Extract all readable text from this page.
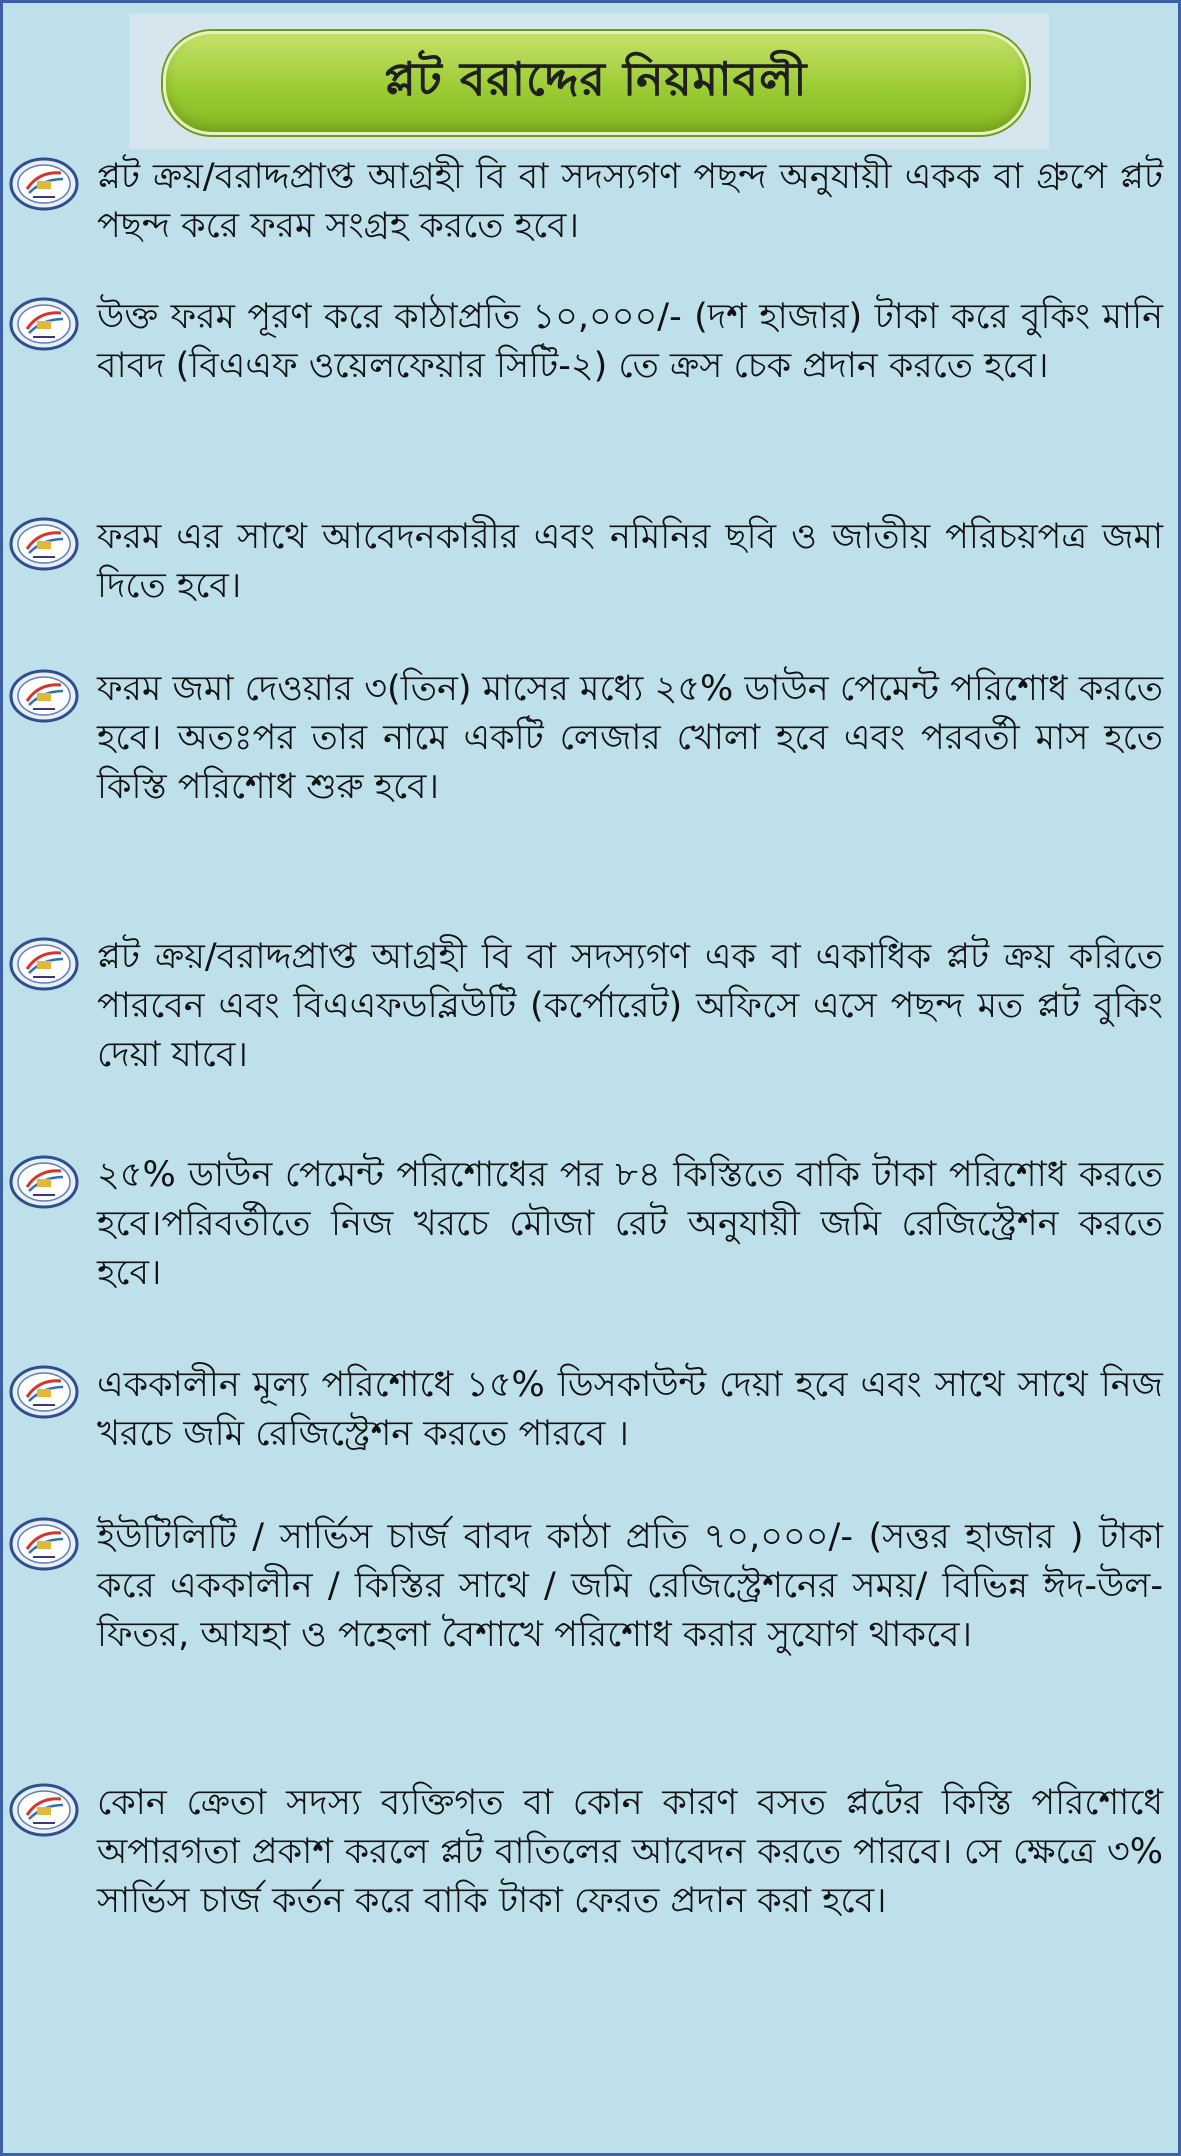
প্লট বরাদ্দের নিয়মাবলী

প্লট ক্রয়/বরাদ্দপ্রাপ্ত আগ্রহী বি বা সদস্যগণ পছন্দ অনুযায়ী একক বা গ্রুপে প্লট পছন্দ করে ফরম সংগ্রহ করতে হবে।

উক্ত ফরম পূরণ করে কাঠাপ্রতি ১০,০০০/- (দশ হাজার) টাকা করে বুকিং মানি বাবদ (বিএএফ ওয়েলফেয়ার সিটি-২) তে ক্রস চেক প্রদান করতে হবে।

ফরম এর সাথে আবেদনকারীর এবং নমিনির ছবি ও জাতীয় পরিচয়পত্র জমা দিতে হবে।

ফরম জমা দেওয়ার ৩(তিন) মাসের মধ্যে ২৫% ডাউন পেমেন্ট পরিশোধ করতে হবে। অতঃপর তার নামে একটি লেজার খোলা হবে এবং পরবর্তী মাস হতে কিস্তি পরিশোধ শুরু হবে।

প্লট ক্রয়/বরাদ্দপ্রাপ্ত আগ্রহী বি বা সদস্যগণ এক বা একাধিক প্লট ক্রয় করিতে পারবেন এবং বিএএফডব্লিউটি (কর্পোরেট) অফিসে এসে পছন্দ মত প্লট বুকিং দেয়া যাবে।

২৫% ডাউন পেমেন্ট পরিশোধের পর ৮৪ কিস্তিতে বাকি টাকা পরিশোধ করতে হবে।পরিবর্তীতে নিজ খরচে মৌজা রেট অনুযায়ী জমি রেজিস্ট্রেশন করতে হবে।

এককালীন মূল্য পরিশোধে ১৫% ডিসকাউন্ট দেয়া হবে এবং সাথে সাথে নিজ খরচে জমি রেজিস্ট্রেশন করতে পারবে ।

ইউটিলিটি / সার্ভিস চার্জ বাবদ কাঠা প্রতি ৭০,০০০/- (সত্তর হাজার ) টাকা করে এককালীন / কিস্তির সাথে / জমি রেজিস্ট্রেশনের সময়/ বিভিন্ন ঈদ-উল-ফিতর, আযহা ও পহেলা বৈশাখে পরিশোধ করার সুযোগ থাকবে।

কোন ক্রেতা সদস্য ব্যক্তিগত বা কোন কারণ বসত প্লটের কিস্তি পরিশোধে অপারগতা প্রকাশ করলে প্লট বাতিলের আবেদন করতে পারবে। সে ক্ষেত্রে ৩% সার্ভিস চার্জ কর্তন করে বাকি টাকা ফেরত প্রদান করা হবে।
